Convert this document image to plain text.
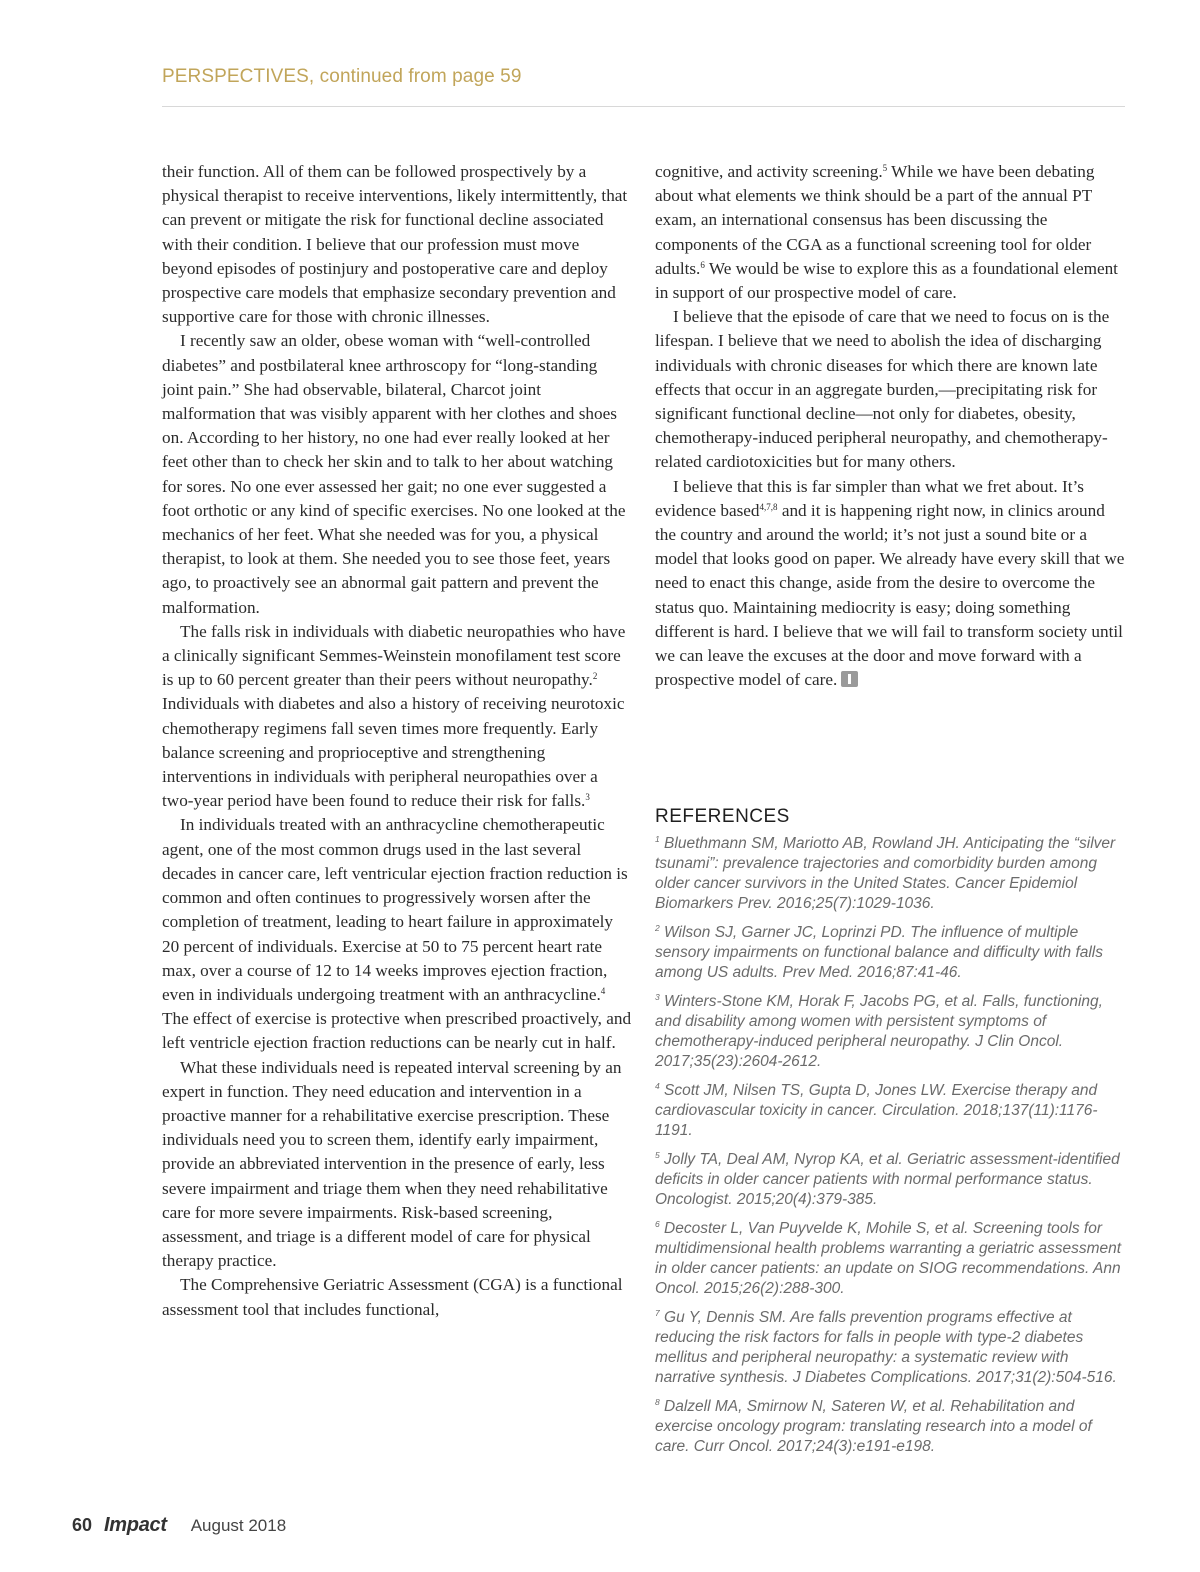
PERSPECTIVES, continued from page 59

their function. All of them can be followed prospectively by a physical therapist to receive interventions, likely intermittently, that can prevent or mitigate the risk for functional decline associated with their condition. I believe that our profession must move beyond episodes of postinjury and postoperative care and deploy prospective care models that emphasize secondary prevention and supportive care for those with chronic illnesses.

I recently saw an older, obese woman with “well-controlled diabetes” and postbilateral knee arthroscopy for “long-standing joint pain.” She had observable, bilateral, Charcot joint malformation that was visibly apparent with her clothes and shoes on. According to her history, no one had ever really looked at her feet other than to check her skin and to talk to her about watching for sores. No one ever assessed her gait; no one ever suggested a foot orthotic or any kind of specific exercises. No one looked at the mechanics of her feet. What she needed was for you, a physical therapist, to look at them. She needed you to see those feet, years ago, to proactively see an abnormal gait pattern and prevent the malformation.

The falls risk in individuals with diabetic neuropathies who have a clinically significant Semmes-Weinstein monofilament test score is up to 60 percent greater than their peers without neuropathy.$^2$ Individuals with diabetes and also a history of receiving neurotoxic chemotherapy regimens fall seven times more frequently. Early balance screening and proprioceptive and strengthening interventions in individuals with peripheral neuropathies over a two-year period have been found to reduce their risk for falls.$^3$

In individuals treated with an anthracycline chemotherapeutic agent, one of the most common drugs used in the last several decades in cancer care, left ventricular ejection fraction reduction is common and often continues to progressively worsen after the completion of treatment, leading to heart failure in approximately 20 percent of individuals. Exercise at 50 to 75 percent heart rate max, over a course of 12 to 14 weeks improves ejection fraction, even in individuals undergoing treatment with an anthracycline.$^4$ The effect of exercise is protective when prescribed proactively, and left ventricle ejection fraction reductions can be nearly cut in half.

What these individuals need is repeated interval screening by an expert in function. They need education and intervention in a proactive manner for a rehabilitative exercise prescription. These individuals need you to screen them, identify early impairment, provide an abbreviated intervention in the presence of early, less severe impairment and triage them when they need rehabilitative care for more severe impairments. Risk-based screening, assessment, and triage is a different model of care for physical therapy practice.

The Comprehensive Geriatric Assessment (CGA) is a functional assessment tool that includes functional,

cognitive, and activity screening.$^5$ While we have been debating about what elements we think should be a part of the annual PT exam, an international consensus has been discussing the components of the CGA as a functional screening tool for older adults.$^6$ We would be wise to explore this as a foundational element in support of our prospective model of care.

I believe that the episode of care that we need to focus on is the lifespan. I believe that we need to abolish the idea of discharging individuals with chronic diseases for which there are known late effects that occur in an aggregate burden,—precipitating risk for significant functional decline—not only for diabetes, obesity, chemotherapy-induced peripheral neuropathy, and chemotherapy-related cardiotoxicities but for many others.

I believe that this is far simpler than what we fret about. It’s evidence based$^{4,7,8}$ and it is happening right now, in clinics around the country and around the world; it’s not just a sound bite or a model that looks good on paper. We already have every skill that we need to enact this change, aside from the desire to overcome the status quo. Maintaining mediocrity is easy; doing something different is hard. I believe that we will fail to transform society until we can leave the excuses at the door and move forward with a prospective model of care.

REFERENCES
$^1$ Bluethmann SM, Mariotto AB, Rowland JH. Anticipating the “silver tsunami”: prevalence trajectories and comorbidity burden among older cancer survivors in the United States. Cancer Epidemiol Biomarkers Prev. 2016;25(7):1029-1036.
$^2$ Wilson SJ, Garner JC, Loprinzi PD. The influence of multiple sensory impairments on functional balance and difficulty with falls among US adults. Prev Med. 2016;87:41-46.
$^3$ Winters-Stone KM, Horak F, Jacobs PG, et al. Falls, functioning, and disability among women with persistent symptoms of chemotherapy-induced peripheral neuropathy. J Clin Oncol. 2017;35(23):2604-2612.
$^4$ Scott JM, Nilsen TS, Gupta D, Jones LW. Exercise therapy and cardiovascular toxicity in cancer. Circulation. 2018;137(11):1176-1191.
$^5$ Jolly TA, Deal AM, Nyrop KA, et al. Geriatric assessment-identified deficits in older cancer patients with normal performance status. Oncologist. 2015;20(4):379-385.
$^6$ Decoster L, Van Puyvelde K, Mohile S, et al. Screening tools for multidimensional health problems warranting a geriatric assessment in older cancer patients: an update on SIOG recommendations. Ann Oncol. 2015;26(2):288-300.
$^7$ Gu Y, Dennis SM. Are falls prevention programs effective at reducing the risk factors for falls in people with type-2 diabetes mellitus and peripheral neuropathy: a systematic review with narrative synthesis. J Diabetes Complications. 2017;31(2):504-516.
$^8$ Dalzell MA, Smirnow N, Sateren W, et al. Rehabilitation and exercise oncology program: translating research into a model of care. Curr Oncol. 2017;24(3):e191-e198.
60 Impact August 2018
